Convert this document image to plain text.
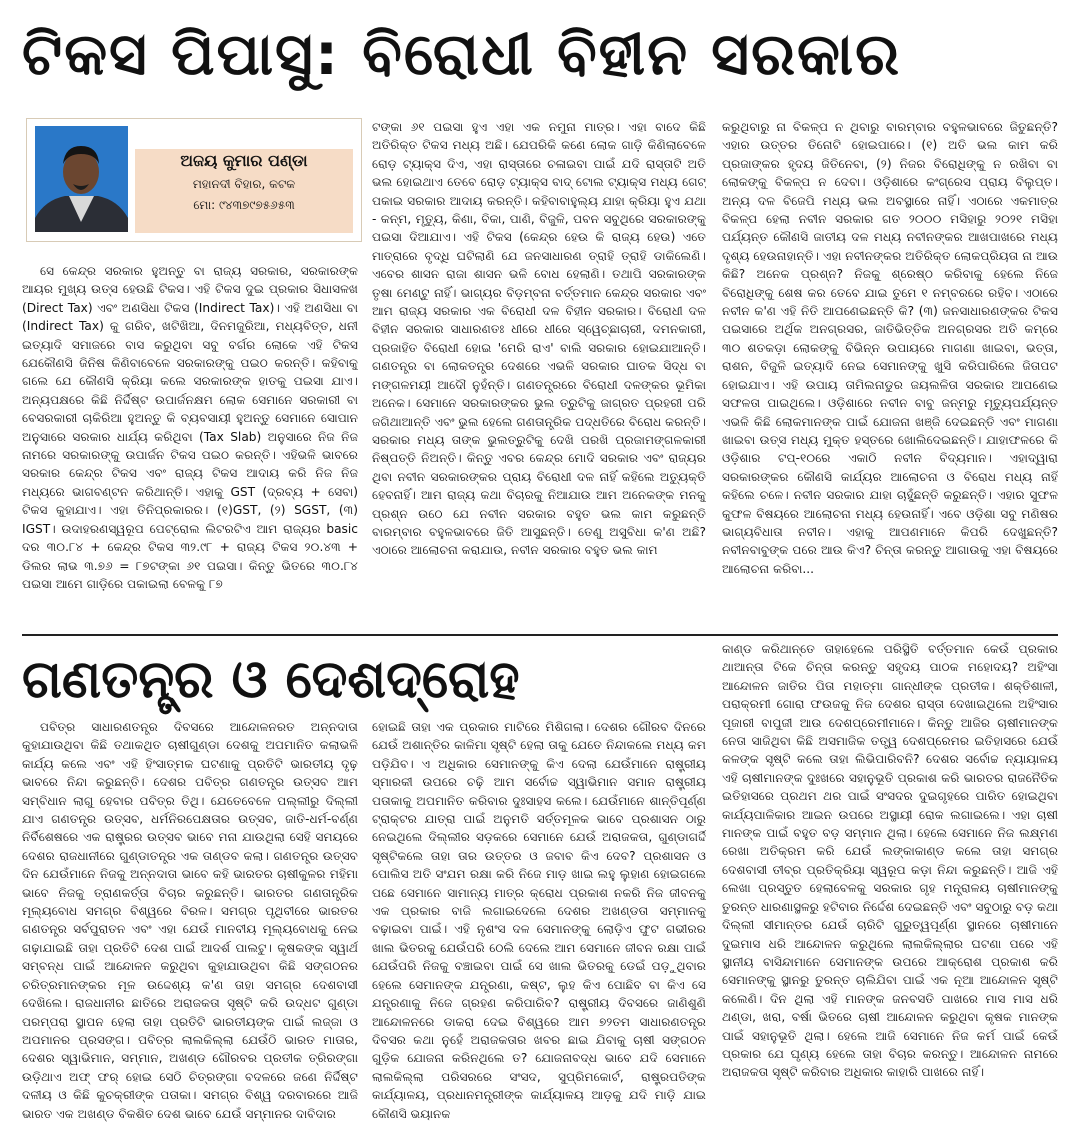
ଟିକସ ପିପାସୁ: ବିରୋଧୀ ବିହୀନ ସରକାର
ଅଜୟ କୁମାର ପଣ୍ଡା
ମହାନଦୀ ବିହାର, କଟକ
ମୋ: ୯୪୩୭୯୭୫୬୫୩

ସେ କେନ୍ଦ୍ର ସରକାର ହୁଅନ୍ତୁ ବା ରାଜ୍ୟ ସରକାର, ସରକାରଙ୍କ ଆୟର ମୁଖ୍ୟ ଉତ୍ସ ହେଉଛି ଟିକସ। ଏହି ଟିକସ ଦୁଇ ପ୍ରକାର ସିଧାସଳଖ (Direct Tax) ଏବଂ ଅଣସିଧା ଟିକସ (Indirect Tax)। ଏହି ଅଣସିଧା ବା (Indirect Tax) କୁ ଗରିବ, ଖଟିଖିଆ, ଦିନମଜୁରିଆ, ମଧ୍ୟବିତ୍ତ, ଧନୀ ଇତ୍ୟାଦି ସମାଜରେ ବାସ କରୁଥିବା ସବୁ ବର୍ଗର ଲୋକେ ଏହି ଟିକସ ଯେକୌଣସି ଜିନିଷ କିଣିବାବେଳେ ସରକାରଙ୍କୁ ପଇଠ କରନ୍ତି। କହିବାକୁ ଗଲେ ଯେ କୌଣସି କ୍ରିୟା କଲେ ସରକାରଙ୍କ ହାତକୁ ପଇସା ଯାଏ। ଅନ୍ୟପକ୍ଷରେ କିଛି ନିର୍ଦ୍ଦିଷ୍ଟ ଉପାର୍ଜନକ୍ଷମ ଲୋକ ସେମାନେ ସରକାରୀ ବା ବେସରକାରୀ ଚାକିରିଆ ହୁଅନ୍ତୁ କି ବ୍ୟବସାୟୀ ହୁଅନ୍ତୁ ସେମାନେ ସୋପାନ ଅନୁସାରେ ସରକାର ଧାର୍ଯ୍ୟ କରିଥିବା (Tax Slab) ଅନୁସାରେ ନିଜ ନିଜ ନାମରେ ସରକାରଙ୍କୁ ଉପାର୍ଜନ ଟିକସ ପଇଠ କରନ୍ତି। ଏହିଭଳି ଭାବରେ ସରକାର କେନ୍ଦ୍ର ଟିକସ ଏବଂ ରାଜ୍ୟ ଟିକସ ଆଦାୟ କରି ନିଜ ନିଜ ମଧ୍ୟରେ ଭାଗବଣ୍ଟନ କରିଥାନ୍ତି। ଏହାକୁ GST (ଦ୍ରବ୍ୟ + ସେବା) ଟିକସ କୁହାଯାଏ। ଏହା ତିନିପ୍ରକାରର। (୧)GST, (୨) SGST, (୩) IGST। ଉଦାହରଣସ୍ୱରୂପ ପେଟ୍ରୋଲ ଲିଟରଟିଏ ଆମ ରାଜ୍ୟର basic ଦର ୩୦.୮୪ + କେନ୍ଦ୍ର ଟିକସ ୩୨.୯୮ + ରାଜ୍ୟ ଟିକସ ୨୦.୪୩ + ଡିଲର ଲାଭ ୩.୭୬ = ୮୭ଟଙ୍କା ୬୧ ପଇସା। କିନ୍ତୁ ଭିତରେ ୩୦.୮୪ ପଇସା ଆମେ ଗାଡ଼ିରେ ପକାଇଲା ବେଳକୁ ୮୭

ଟଙ୍କା ୬୧ ପଇସା ହୁଏ ଏହା ଏକ ନମୁନା ମାତ୍ର। ଏହା ବାଦେ କିଛି ଅତିରିକ୍ତ ଟିକସ ମଧ୍ୟ ଅଛି। ଯେପରିକି କଣେ ଲୋକ ଗାଡ଼ି କିଣିଲାବେଳେ ରୋଡ଼ ଟ୍ୟାକ୍ସ ଦିଏ, ଏହା ରାସ୍ତାରେ ଚଳାଇବା ପାଇଁ ଯଦି ରାସ୍ତାଟି ଅତି ଭଲ ହୋଇଥାଏ ତେବେ ରୋଡ଼ ଟ୍ୟାକ୍ସ ବାଦ୍ ଟୋଲ ଟ୍ୟାକ୍ସ ମଧ୍ୟ ଗେଟ୍ ପକାଇ ସରକାର ଆଦାୟ କରନ୍ତି। କହିବାବାହୁଲ୍ୟ ଯାହା କ୍ରିୟା ହୁଏ ଯଥା - କନ୍ମ, ମୃତ୍ୟୁ, କିଣା, ବିକା, ପାଣି, ବିଜୁଳି, ପବନ ସବୁଥିରେ ସରକାରଙ୍କୁ ପଇସା ଦିଆଯାଏ। ଏହି ଟିକସ (କେନ୍ଦ୍ର ହେଉ କି ରାଜ୍ୟ ହେଉ) ଏତେ ମାତ୍ରାରେ ବୃଦ୍ଧି ଘଟିଲାଣି ଯେ ଜନସାଧାରଣ ତ୍ରାହି ତ୍ରାହି ଡାକିଲେଣି। ଏବେର ଶାସନ ରାଜା ଶାସନ ଭଳି ବୋଧ ହେଲାଣି। ତଥାପି ସରକାରଙ୍କ ତୃଷା ମେଣ୍ଟୁ ନାହିଁ। ଭାଗ୍ୟର ବିଡ଼ମ୍ବନା ବର୍ତ୍ତମାନ କେନ୍ଦ୍ର ସରକାର ଏବଂ ଆମ ରାଜ୍ୟ ସରକାର ଏକ ବିରୋଧୀ ଦଳ ବିହୀନ ସରକାର। ବିରୋଧୀ ଦଳ ବିହୀନ ସରକାର ସାଧାରଣତଃ ଧୀରେ ଧୀରେ ସ୍ୱେଚ୍ଛାଚାରୀ, ଦମନକାରୀ, ପ୍ରଜାହିତ ବିରୋଧୀ ହୋଇ 'ମେରି ରାଏ' ବାଲି ସରକାର ହୋଇଯାଆନ୍ତି। ଗଣତନ୍ତ୍ର ବା ଲୋକତନ୍ତ୍ର ଦେଶରେ ଏଭଳି ସରକାର ଘାତକ ସିଦ୍ଧ ବା ମଙ୍ଗଳମୟୀ ଆଦୌ ନୁହଁନ୍ତି। ଗଣତନ୍ତ୍ରରେ ବିରୋଧୀ ଦଳଙ୍କର ଭୂମିକା ଅନେକ। ସେମାନେ ସରକାରଙ୍କର ଭୁଲ ତ୍ରୁଟିକୁ ଜାଗ୍ରତ ପ୍ରହରୀ ପରି ଜଗିଥାଆନ୍ତି ଏବଂ ଭୁଲ ହେଲେ ଗଣତାନ୍ତ୍ରିକ ପଦ୍ଧତିରେ ବିରୋଧ କରନ୍ତି। ସରକାର ମଧ୍ୟ ତାଙ୍କ ଭୁଲତ୍ରୁଟିକୁ ଦେଖି ପରଖି ପ୍ରଜାମଙ୍ଗଳକାରୀ ନିଷ୍ପତ୍ତି ନିଅନ୍ତି। କିନ୍ତୁ ଏବର କେନ୍ଦ୍ର ମୋଦି ସରକାର ଏବଂ ରାଜ୍ୟର ଥିବା ନବୀନ ସରକାରଙ୍କର ପ୍ରାୟ ବିରୋଧୀ ଦଳ ନାହିଁ କହିଲେ ଅତ୍ୟୁକ୍ତି ହେବନାହିଁ। ଆମ ରାଜ୍ୟ କଥା ବିଚାରକୁ ନିଆଯାଉ ଆମ ଅନେକଙ୍କ ମନକୁ ପ୍ରଶ୍ନ ଉଠେ ଯେ ନବୀନ ସରକାର ବହୁତ ଭଲ କାମ କରୁଛନ୍ତି ବାରମ୍ବାର ବହୁଳଭାବରେ ଜିତି ଆସୁଛନ୍ତି। ତେଣୁ ଅସୁବିଧା କ'ଣ ଅଛି? ଏଠାରେ ଆଲୋଚନା କରାଯାଉ, ନବୀନ ସରକାର ବହୁତ ଭଲ କାମ

କରୁଥିବାରୁ ନା ବିକଳ୍ପ ନ ଥିବାରୁ ବାରମ୍ବାର ବହୁଳଭାବରେ ଜିତୁଛନ୍ତି? ଏହାର ଉତ୍ତର ତିନୋଟି ହୋଇପାରେ। (୧) ଅତି ଭଲ କାମ କରି ପ୍ରଜାଙ୍କର ହୃଦୟ ଜିତିନେବା, (୨) ନିଜର ବିରୋଧିଙ୍କୁ ନ ରଖିବା ବା ଲୋକଙ୍କୁ ବିକଳ୍ପ ନ ଦେବା। ଓଡ଼ିଶାରେ କଂଗ୍ରେସ ପ୍ରାୟ ବିଲୁପ୍ତ। ଅନ୍ୟ ଦଳ ବିଜେପି ମଧ୍ୟ ଭଲ ଅବସ୍ଥାରେ ନାହିଁ। ଏଠାରେ ଏକମାତ୍ର ବିକଳ୍ପ ହେଲା ନବୀନ ସରକାର ଗତ ୨୦୦୦ ମସିହାରୁ ୨୦୨୧ ମସିହା ପର୍ଯ୍ୟନ୍ତ କୌଣସି ଜାତୀୟ ଦଳ ମଧ୍ୟ ନବୀନଙ୍କର ଆଖପାଖରେ ମଧ୍ୟ ଦୃଶ୍ୟ ହେଉନାହାନ୍ତି। ଏହା ନବୀନଙ୍କର ଅତିରିକ୍ତ ଲୋକପ୍ରିୟତା ନା ଆଉ କିଛି? ଅନେକ ପ୍ରଶ୍ନ? ନିଜକୁ ଶ୍ରେଷ୍ଠ କରିବାକୁ ହେଲେ ନିଜେ ବିରୋଧିଙ୍କୁ ଶେଷ କର ତେବେ ଯାଇ ତୁମେ ୧ ନମ୍ବରରେ ରହିବ। ଏଠାରେ ନବୀନ କ'ଣ ଏହି ନିତି ଆପଣେଇଛନ୍ତି କି? (୩) ଜନସାଧାରଣଙ୍କର ଟିକସ ପଇସାରେ ଅର୍ଥିକ ଅନଗ୍ରସର, ଜାତିଭିତ୍ତିକ ଅନଗ୍ରସର ଅତି କମ୍‌ରେ ୩୦ ଶତକଡ଼ା ଲୋକଙ୍କୁ ବିଭିନ୍ନ ଉପାୟରେ ମାଗଣା ଖାଇବା, ଭତ୍ତା, ରାଶନ, ବିଜୁଳି ଇତ୍ୟାଦି ନେଇ ସେମାନଙ୍କୁ ଖୁସି କରିପାରିଲେ ଜିତାପଟ ହୋଇଯାଏ। ଏହି ଉପାୟ ତାମିଲନାଡୁର ଜୟଲଳିତା ସରକାର ଆପଣେଇ ସଫଳତା ପାଇଥିଲେ। ଓଡ଼ିଶାରେ ନବୀନ ବାବୁ ଜନ୍ମରୁ ମୃତ୍ୟୁପର୍ଯ୍ୟନ୍ତ ଏଭଳି କିଛି ଲୋକମାନଙ୍କ ପାଇଁ ଯୋଜନା ଖଞ୍ଜି ଦେଇଛନ୍ତି ଏବଂ ମାଗଣା ଖାଇବା ଉତ୍ସ ମଧ୍ୟ ମୁକ୍ତ ହସ୍ତରେ ଖୋଲିଦେଇଛନ୍ତି। ଯାହାଫଳରେ କି ଓଡ଼ିଶାର ଟପ୍-୧୦ରେ ଏକାଠି ନବୀନ ବିଦ୍ୟମାନ। ଏହାଦ୍ୱାରା ସରକାରଙ୍କର କୌଣସି କାର୍ଯ୍ୟର ଆଲୋଚନା ଓ ବିରୋଧ ମଧ୍ୟ ନାହିଁ କହିଲେ ଚଳେ। ନବୀନ ସରକାର ଯାହା ଚାହୁଁଛନ୍ତି କରୁଛନ୍ତି। ଏହାର ସୁଫଳ କୁଫଳ ବିଷୟରେ ଆଲୋଚନା ମଧ୍ୟ ହେଉନାହିଁ। ଏବେ ଓଡ଼ିଶା ସବୁ ମଣିଷର ଭାଗ୍ୟବିଧାତା ନବୀନ। ଏହାକୁ ଆପଣମାନେ କିପରି ଦେଖୁଛନ୍ତି? ନବୀନବାବୁଙ୍କ ପରେ ଆଉ କିଏ? ଚିନ୍ତା କରନ୍ତୁ ଆଗାଉକୁ ଏହା ବିଷୟରେ ଆଲୋଚନା କରିବା...

ଗଣତନ୍ତ୍ର ଓ ଦେଶଦ୍ରୋହ

ପବିତ୍ର ସାଧାରଣତନ୍ତ୍ର ଦିବସରେ ଆନ୍ଦୋଳନରତ ଅନ୍ନଦାତା କୁହାଯାଉଥିବା କିଛି ତଥାକଥିତ ଚାଷୀଗୁଣ୍ଡା ଦେଶକୁ ଅପମାନିତ କଲାଭଳି କାର୍ଯ୍ୟ କଲେ ଏବଂ ଏହି ହିଂସାତ୍ମକ ଘଟଣାକୁ ପ୍ରତିଟି ଭାରତୀୟ ଦୃଢ଼ ଭାବରେ ନିନ୍ଦା କରୁଛନ୍ତି। ଦେଶର ପବିତ୍ର ଗଣତନ୍ତ୍ର ଉତ୍ସବ ଆମ ସମ୍ବିଧାନ ଲାଗୁ ହେବାର ପବିତ୍ର ତିଥି। ଯେତେବେଳେ ପଲ୍ଲୀରୁ ଦିଲ୍ଲୀ ଯାଏ ଗଣତନ୍ତ୍ର ଉତ୍ସବ, ଧର୍ମନିରପେକ୍ଷତାର ଉତ୍ସବ, ଜାତି-ଧର୍ମ-ବର୍ଣ୍ଣ ନିର୍ବିଶେଷରେ ଏକ ରାଷ୍ଟ୍ରର ଉତ୍ସବ ଭାବେ ମନା ଯାଉଥିଲା ସେହି ସମୟରେ ଦେଶର ରାଜଧାନୀରେ ଗୁଣ୍ଡାତନ୍ତ୍ର ଏକ ତାଣ୍ଡବ କଲା। ଗଣତନ୍ତ୍ର ଉତ୍ସବ ଦିନ ଯେଉଁମାନେ ନିଜକୁ ଅନ୍ନଦାତା ଭାବେ କହି ଭାରତର ଚାଷୀକୁଳର ମହିମା ଭାବେ ନିଜକୁ ତ୍ରାଣକର୍ତ୍ତା ବିଚାର କରୁଛନ୍ତି। ଭାରତର ଗଣତାନ୍ତ୍ରିକ ମୂଲ୍ୟବୋଧ ସମଗ୍ର ବିଶ୍ୱରେ ବିରଳ। ସମଗ୍ର ପୃଥିବୀରେ ଭାରତର ଗଣତନ୍ତ୍ର ସର୍ବପୁରାତନ ଏବଂ ଏହା ଯେଉଁ ମାନବୀୟ ମୂଲ୍ୟବୋଧକୁ ନେଇ ଗଢ଼ାଯାଇଛି ତାହା ପ୍ରତିଟି ଦେଶ ପାଇଁ ଆଦର୍ଶ ପାଲଟୁ। କୃଷକଙ୍କ ସ୍ୱାର୍ଥ ସମ୍ବନ୍ଧ ପାଇଁ ଆନ୍ଦୋଳନ କରୁଥିବା କୁହାଯାଉଥିବା କିଛି ସଙ୍ଗଠନର ଚରିତ୍ରମାନଙ୍କର ମୂଳ ଉଦ୍ଦେଶ୍ୟ କ'ଣ ତାହା ସମଗ୍ର ଦେଶବାସୀ ଦେଖିଲେ। ରାଜଧାନୀର ଛାତିରେ ଅରାଜକତା ସୃଷ୍ଟି କରି ଉଦ୍ଧଟ ଗୁଣ୍ଡା ପରମ୍ପରା ସ୍ଥାପନ ହେଲା ତାହା ପ୍ରତିଟି ଭାରତୀୟଙ୍କ ପାଇଁ ଲଜ୍ଜା ଓ ଅପମାନର ପ୍ରସଙ୍ଗ। ପବିତ୍ର ଲାଲକିଲ୍ଲା ଯେଉଁଠି ଭାରତ ମାତାର, ଦେଶର ସ୍ୱାଭିମାନ, ସମ୍ମାନ, ଅଖଣ୍ଡ ଗୌରବର ପ୍ରତୀକ ତ୍ରିରଙ୍ଗା ଉଡ଼ିଥାଏ ଅଫ୍ ଫର୍ ହୋଇ ସେଠି ଚିତ୍ରଙ୍ଗା ବଦଳରେ ଜଣେ ନିର୍ଦ୍ଦିଷ୍ଟ ଦଳୀୟ ଓ କିଛି କୁଚକ୍ରୀଙ୍କ ପତାକା। ସମଗ୍ର ବିଶ୍ୱ ଦରବାରରେ ଆଜି ଭାରତ ଏକ ଅଖଣ୍ଡ ବିକଶିତ ଦେଶ ଭାବେ ଯେଉଁ ସମ୍ମାନର ଦାବିଦାର

ହୋଇଛି ତାହା ଏକ ପ୍ରକାର ମାଟିରେ ମିଶିଗଲା। ଦେଶର ଗୌରବ ଦିନରେ ଯେଉଁ ଅଶାନ୍ତିର କାଳିମା ସୃଷ୍ଟି ହେଲା ତାକୁ ଯେତେ ନିନ୍ଦାକଲେ ମଧ୍ୟ କମ ପଡ଼ିଯିବ। ଏ ଅଧିକାର ସେମାନଙ୍କୁ କିଏ ଦେଲା ଯେଉଁମାନେ ରାଷ୍ଟ୍ରୀୟ ସ୍ମାରକୀ ଉପରେ ଚଢ଼ି ଆମ ସର୍ବୋଚ୍ଚ ସ୍ୱାଭିମାନ ସମାନ ରାଷ୍ଟ୍ରୀୟ ପତାକାକୁ ଅପମାନିତ କରିବାର ଦୁଃସାହସ କଲେ। ଯେଉଁମାନେ ଶାନ୍ତିପୂର୍ଣ୍ଣ ଟ୍ରାକ୍ଟର ଯାତ୍ରା ପାଇଁ ଅନୁମତି ସର୍ତ୍ତମୂଳକ ଭାବେ ପ୍ରଶାସନ ଠାରୁ ନେଇଥିଲେ ଦିଲ୍ଲୀର ସଡ଼କରେ ସେମାନେ ଯେଉଁ ଅରାଜକତା, ଗୁଣ୍ଡାଗର୍ଦ୍ଦି ସୃଷ୍ଟିକଲେ ତାହା ତାର ଉତ୍ତର ଓ ଜବାବ କିଏ ଦେବ? ପ୍ରଶାସନ ଓ ପୋଲିସ ଅତି ସଂଯମ ରକ୍ଷା କରି ନିଜେ ମାଡ଼ ଖାଇ ଲହୁ ଲୁହାଣ ହୋଇଗଲେ ପଛେ ସେମାନେ ସାମାନ୍ୟ ମାତ୍ର କ୍ରୋଧ ପ୍ରକାଶ ନକରି ନିଜ ଜୀବନକୁ ଏକ ପ୍ରକାର ବାଜି ଲଗାଇଦେଲେ ଦେଶର ଅଖଣ୍ଡତା ସମ୍ମାନକୁ ବଢ଼ାଇବା ପାଇଁ। ଏହି ନୃଶଂସ ଦଳ ସେମାନଙ୍କୁ ଲୋଡ଼ିଏ ଫୁଟ ଗଭୀରର ଖାଲ ଭିତରକୁ ଯେଉଁପରି ଠେଲି ଦେଲେ ଆମ ସେମାନେ ଜୀବନ ରକ୍ଷା ପାଇଁ ଯେଉଁପରି ନିଜକୁ ବଞ୍ଚାଇବା ପାଇଁ ସେ ଖାଲ ଭିତରକୁ ଡେଇଁ ପଡ଼ୁଥିବାର ହେଲେ ସେମାନଙ୍କ ଯନ୍ତ୍ରଣା, କଷ୍ଟ, ଲୁହ କିଏ ପୋଛିବ ବା କିଏ ସେ ଯନ୍ତ୍ରଣାକୁ ନିଜେ ଗ୍ରହଣ କରିପାରିବ? ରାଷ୍ଟ୍ରୀୟ ଦିବସରେ ଜାଣିଶୁଣି ଆନ୍ଦୋଳନରେ ଡାକରା ଦେଇ ବିଶ୍ୱରେ ଆମ ୭୨ତମ ସାଧାରଣତନ୍ତ୍ର ଦିବସର କଥା ନୁହେଁ ଅରାଜକତାର ଖବର ଛାଇ ଯିବାକୁ ଚାଷୀ ସଙ୍ଗଠନ ଗୁଡ଼ିକ ଯୋଜନା କରିନଥିଲେ ତ? ଯୋଜନାବଦ୍ଧ ଭାବେ ଯଦି ସେମାନେ ଲାଲକିଲ୍ଲା ପରିସରରେ ସଂସଦ, ସୁପ୍ରିମକୋର୍ଟ, ରାଷ୍ଟ୍ରପତିଙ୍କ କାର୍ଯ୍ୟାଳୟ, ପ୍ରଧାନମନ୍ତ୍ରୀଙ୍କ କାର୍ଯ୍ୟାଳୟ ଆଡ଼କୁ ଯଦି ମାଡ଼ି ଯାଇ କୌଣସି ଭୟାନକ

କାଣ୍ଡ କରିଥାନ୍ତେ ତାହାହେଲେ ପରିସ୍ଥିତି ବର୍ତ୍ତମାନ କେଉଁ ପ୍ରକାର ଥାଆନ୍ତା ଟିକେ ଚିନ୍ତା କରନ୍ତୁ ସହୃଦୟ ପାଠକ ମହୋଦୟ? ଅହିଂସା ଆନ୍ଦୋଳନ ଜାତିର ପିତା ମହାତ୍ମା ଗାନ୍ଧୀଙ୍କ ପ୍ରତୀକ। ଶକ୍ତିଶାଳୀ, ପରାକ୍ରମୀ ଗୋରା ଫଉଜକୁ ନିଜ ଦେଶର ରାସ୍ତା ଦେଖାଇଥିଲେ ଅହିଂସାର ପୂଜାରୀ ବାପୁଜୀ ଆଉ ଦେଶପ୍ରେମୀମାନେ। କିନ୍ତୁ ଆଜିର ଚାଷୀମାନଙ୍କ ନେତା ସାଜିଥିବା କିଛି ଅସମାଜିକ ତତ୍ତ୍ୱ ଦେଶପ୍ରେମର ଇତିହାସରେ ଯେଉଁ କଳଙ୍କ ସୃଷ୍ଟି କଲେ ତାହା ଲିଭିପାରିବନି? ଦେଶର ସର୍ବୋଚ୍ଚ ନ୍ୟାୟାଳୟ ଏହି ଚାଷୀମାନଙ୍କ ଦୁଃଖରେ ସହାନୁଭୂତି ପ୍ରକାଶ କରି ଭାରତର ରାଜନୈତିକ ଇତିହାସରେ ପ୍ରଥମ ଥର ପାଇଁ ସଂସଦର ଦୁଇଗୃହରେ ପାରିତ ହୋଇଥିବା କାର୍ଯ୍ୟପାଳିକାର ଆଇନ ଉପରେ ଅସ୍ଥାୟୀ ରୋକ ଲଗାଇଲେ। ଏହା ଚାଷୀ ମାନଙ୍କ ପାଇଁ ବହୁତ ବଡ଼ ସମ୍ମାନ ଥିଲା। ହେଲେ ସେମାନେ ନିଜ ଲକ୍ଷ୍ମଣ ରେଖା ଅତିକ୍ରମ କରି ଯେଉଁ ଲଙ୍କାକାଣ୍ଡ କଲେ ତାହା ସମଗ୍ର ଦେଶବାସୀ ତୀବ୍ର ପ୍ରତିକ୍ରିୟା ସ୍ୱରୂପ କଡ଼ା ନିନ୍ଦା କରୁଛନ୍ତି। ଆଜି ଏହି ଲେଖା ପ୍ରସ୍ତୁତ ହେଲାବେଳକୁ ସରକାର ଗୃହ ମନ୍ତ୍ରାଳୟ ଚାଷୀମାନଙ୍କୁ ତୁରନ୍ତ ଧାରଣାସ୍ଥଳରୁ ହଟିବାର ନିର୍ଦ୍ଦେଶ ଦେଇଛନ୍ତି ଏବଂ ସବୁଠାରୁ ବଡ଼ କଥା ଦିଲ୍ଲୀ ସୀମାନ୍ତର ଯେଉଁ ଚାରିଟି ଗୁରୁତ୍ୱପୂର୍ଣ୍ଣ ସ୍ଥାନରେ ଚାଷୀମାନେ ଦୁଇମାସ ଧରି ଆନ୍ଦୋଳନ କରୁଥିଲେ ଲାଲକିଲ୍ଲାର ଘଟଣା ପରେ ଏହି ସ୍ଥାନୀୟ ବାସିନ୍ଦାମାନେ ସେମାନଙ୍କ ଉପରେ ଆକ୍ରୋଶ ପ୍ରକାଶ କରି ସେମାନଙ୍କୁ ସ୍ଥାନରୁ ତୁରନ୍ତ ଚାଲିଯିବା ପାଇଁ ଏକ ନୂଆ ଆନ୍ଦୋଳନ ସୃଷ୍ଟି କଲେଣି। ଦିନ ଥିଲା ଏହି ମାନଙ୍କ ଜନବସତି ପାଖରେ ମାସ ମାସ ଧରି ଥଣ୍ଡା, ଖରା, ବର୍ଷା ଭିତରେ ଚାଷୀ ଆନ୍ଦୋଳନ କରୁଥିବା କୃଷକ ମାନଙ୍କ ପାଇଁ ସହାନୁଭୂତି ଥିଲା। ହେଲେ ଆଜି ସେମାନେ ନିଜ କର୍ମ ପାଇଁ କେଉଁ ପ୍ରକାର ଯେ ଘୃଣ୍ୟ ହେଲେ ତାହା ବିଚାର କରନ୍ତୁ। ଆନ୍ଦୋଳନ ନାମରେ ଅରାଜକତା ସୃଷ୍ଟି କରିବାର ଅଧିକାର କାହାରି ପାଖରେ ନାହିଁ।
